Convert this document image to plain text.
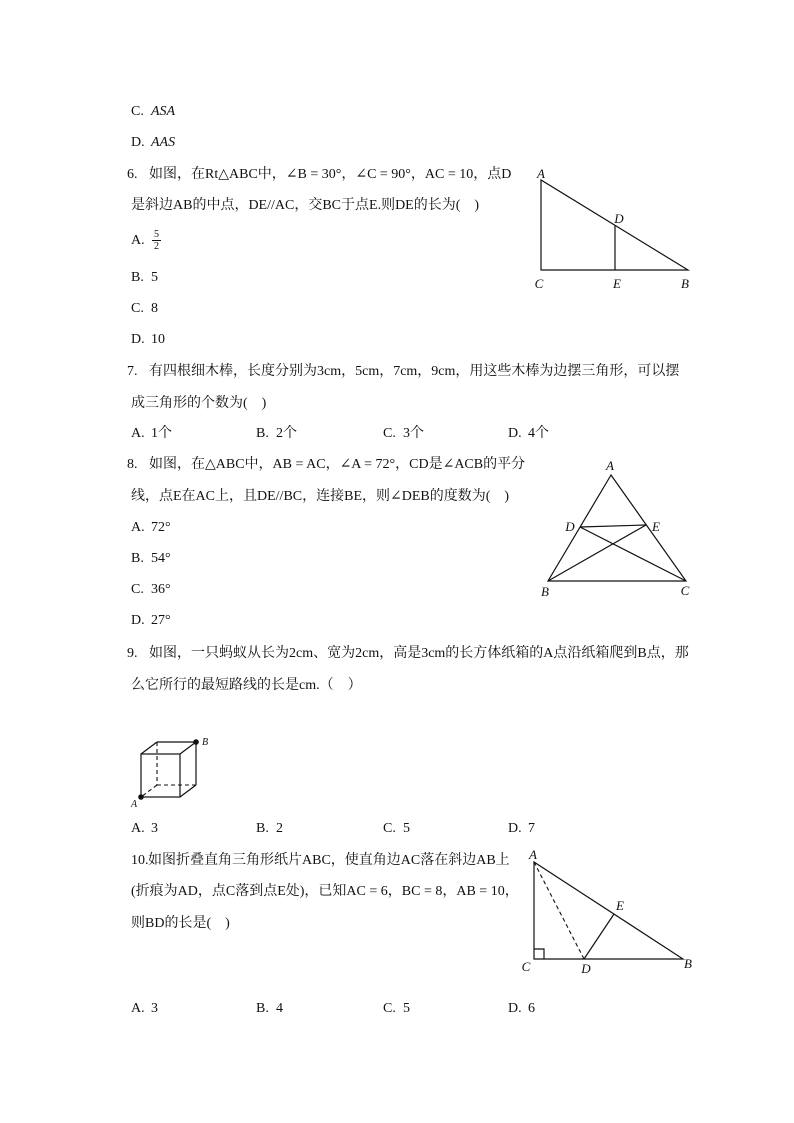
C. ASA
D. AAS
6. 如图，在Rt△ABC中，∠B = 30°，∠C = 90°，AC = 10，点D
是斜边AB的中点，DE//AC，交BC于点E.则DE的长为(　)
A. $\frac{5}{2}$
B. 5
C. 8
D. 10
A
D
C	E	B
7. 有四根细木棒，长度分别为3cm，5cm，7cm，9cm，用这些木棒为边摆三角形，可以摆
成三角形的个数为(　)
A. 1个	B. 2个	C. 3个	D. 4个
8. 如图，在△ABC中，AB = AC，∠A = 72°，CD是∠ACB的平分
线，点E在AC上，且DE//BC，连接BE，则∠DEB的度数为(　)
A. 72°
B. 54°
C. 36°
D. 27°
A
D	E
B	C
9. 如图，一只蚂蚁从长为2cm、宽为2cm，高是3cm的长方体纸箱的A点沿纸箱爬到B点，那
么它所行的最短路线的长是cm.（　）
A
B
A. 3	B. 2	C. 5	D. 7
10.如图折叠直角三角形纸片ABC，使直角边AC落在斜边AB上
(折痕为AD，点C落到点E处)，已知AC = 6，BC = 8，AB = 10，
则BD的长是(　)
A
E
C	D	B
A. 3	B. 4	C. 5	D. 6
